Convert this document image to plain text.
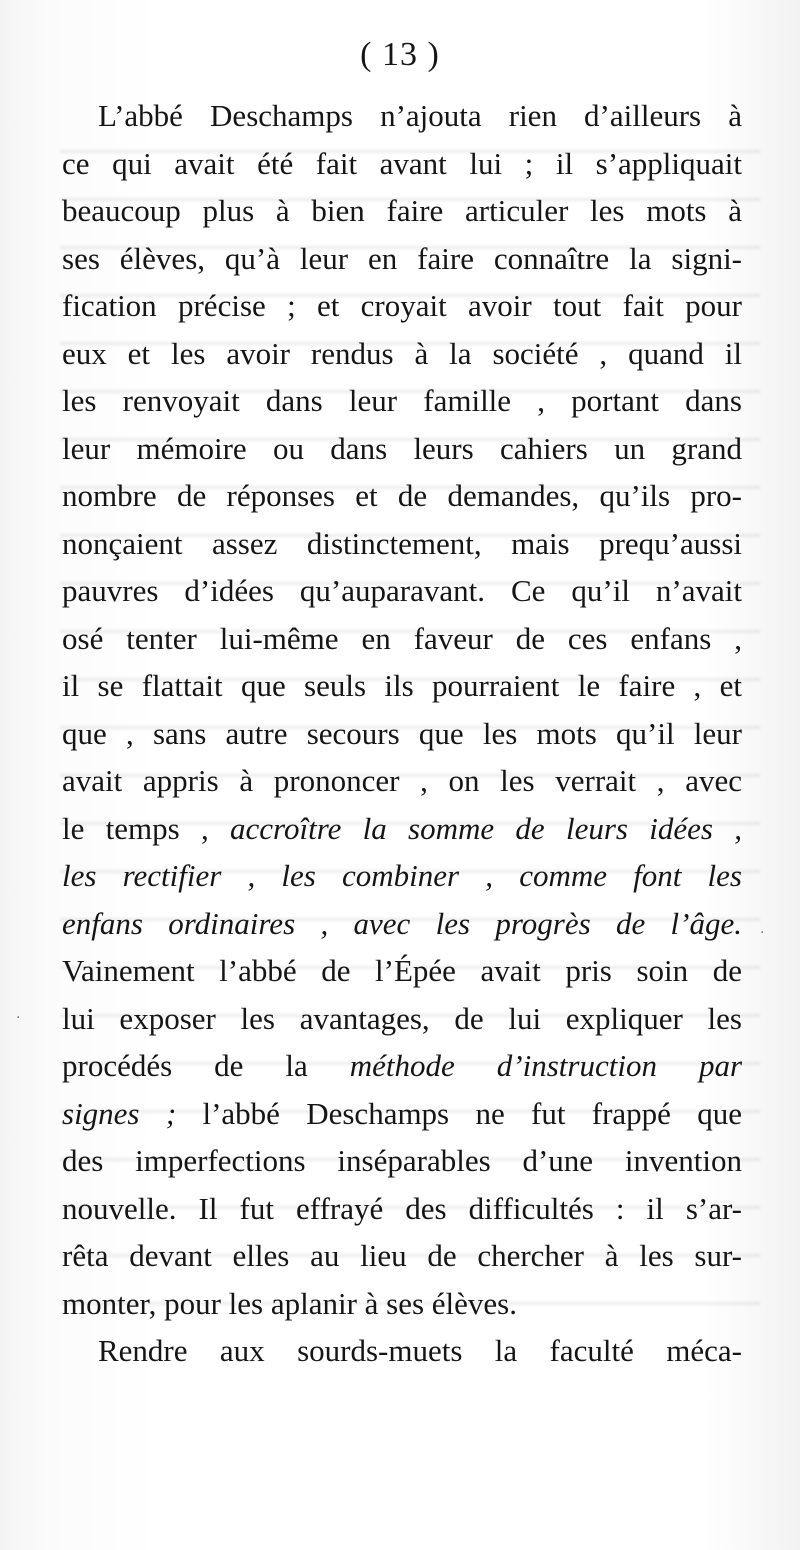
( 13 )
L’abbé Deschamps n’ajouta rien d’ailleurs à
ce qui avait été fait avant lui ; il s’appliquait
beaucoup plus à bien faire articuler les mots à
ses élèves, qu’à leur en faire connaître la signi-
fication précise ; et croyait avoir tout fait pour
eux et les avoir rendus à la société , quand il
les renvoyait dans leur famille , portant dans
leur mémoire ou dans leurs cahiers un grand
nombre de réponses et de demandes, qu’ils pro-
nonçaient assez distinctement, mais prequ’aussi
pauvres d’idées qu’auparavant. Ce qu’il n’avait
osé tenter lui-même en faveur de ces enfans ,
il se flattait que seuls ils pourraient le faire , et
que , sans autre secours que les mots qu’il leur
avait appris à prononcer , on les verrait , avec
le temps , accroître la somme de leurs idées ,
les rectifier , les combiner , comme font les
enfans ordinaires , avec les progrès de l’âge.
Vainement l’abbé de l’Épée avait pris soin de
lui exposer les avantages, de lui expliquer les
procédés de la méthode d’instruction par
signes ; l’abbé Deschamps ne fut frappé que
des imperfections inséparables d’une invention
nouvelle. Il fut effrayé des difficultés : il s’ar-
rêta devant elles au lieu de chercher à les sur-
monter, pour les aplanir à ses élèves.
Rendre aux sourds-muets la faculté méca-
·
·
